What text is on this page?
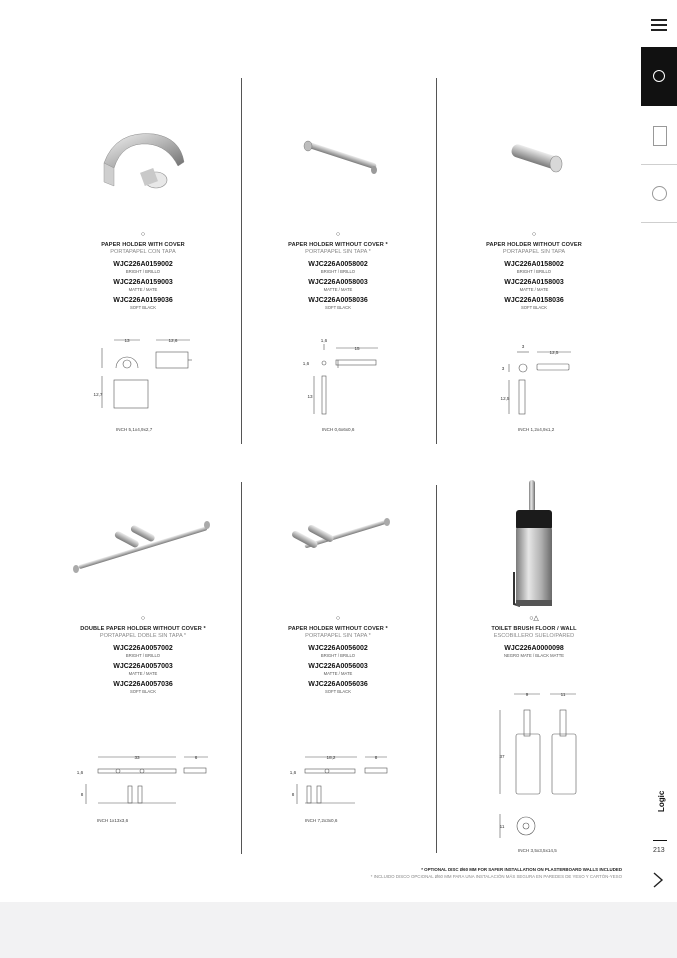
Logic
213
○
PAPER HOLDER WITH COVER
PORTAPAPEL CON TAPA
WJC226A0159002
BRIGHT / BRILLO
WJC226A0159003
MATTE / MATE
WJC226A0159036
SOFT BLACK
○
PAPER HOLDER WITHOUT COVER *
PORTAPAPEL SIN TAPA *
WJC226A0058002
BRIGHT / BRILLO
WJC226A0058003
MATTE / MATE
WJC226A0058036
SOFT BLACK
○
PAPER HOLDER WITHOUT COVER
PORTAPAPEL SIN TAPA
WJC226A0158002
BRIGHT / BRILLO
WJC226A0158003
MATTE / MATE
WJC226A0158036
SOFT BLACK
○
DOUBLE PAPER HOLDER WITHOUT COVER *
PORTAPAPEL DOBLE SIN TAPA *
WJC226A0057002
BRIGHT / BRILLO
WJC226A0057003
MATTE / MATE
WJC226A0057036
SOFT BLACK
○
PAPER HOLDER WITHOUT COVER *
PORTAPAPEL SIN TAPA *
WJC226A0056002
BRIGHT / BRILLO
WJC226A0056003
MATTE / MATE
WJC226A0056036
SOFT BLACK
○△
TOILET BRUSH FLOOR / WALL
ESCOBILLERO SUELO/PARED
WJC226A0000098
NEGRO MATE / BLACK MATTE
13	12,6
12,7
INCH 5,1x4,9x2,7
1,6
15
1,6
13
INCH 0,6x6x0,6
3
12,5
3
12,5
INCH 1,2x4,9x1,2
33	6
1,6
8
INCH 1x13x3,6
18,2	8
1,6
8
INCH 7,2x3x0,6
9	11
37
11
INCH 3,5x3,5x14,5
* OPTIONAL DISC Ø60 MM FOR SAFER INSTALLATION ON PLASTERBOARD WALLS INCLUDED
* INCLUIDO DISCO OPCIONAL Ø60 MM PARA UNA INSTALACIÓN MÁS SEGURA EN PAREDES DE YESO Y CARTÓN-YESO
